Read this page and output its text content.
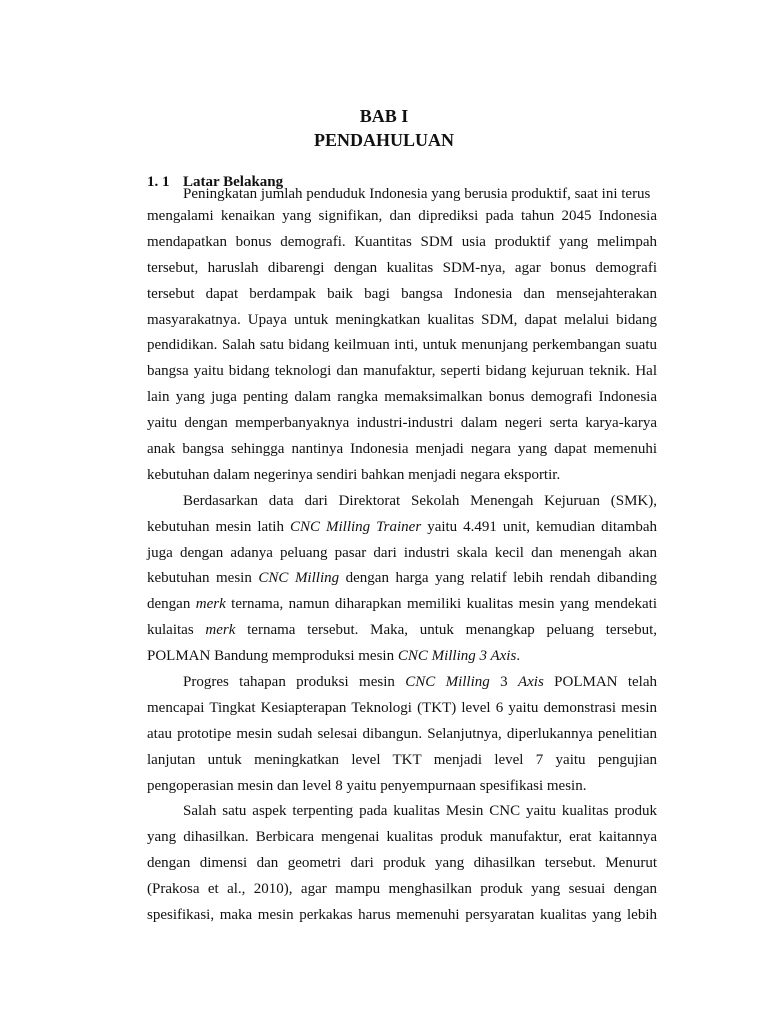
BAB I
PENDAHULUAN
1. 1 Latar Belakang
Peningkatan jumlah penduduk Indonesia yang berusia produktif, saat ini terus
mengalami kenaikan yang signifikan, dan diprediksi pada tahun 2045 Indonesia
mendapatkan bonus demografi. Kuantitas SDM usia produktif yang melimpah
tersebut, haruslah dibarengi dengan kualitas SDM-nya, agar bonus demografi
tersebut dapat berdampak baik bagi bangsa Indonesia dan mensejahterakan
masyarakatnya. Upaya untuk meningkatkan kualitas SDM, dapat melalui bidang
pendidikan. Salah satu bidang keilmuan inti, untuk menunjang perkembangan suatu
bangsa yaitu bidang teknologi dan manufaktur, seperti bidang kejuruan teknik. Hal
lain yang juga penting dalam rangka memaksimalkan bonus demografi Indonesia
yaitu dengan memperbanyaknya industri-industri dalam negeri serta karya-karya
anak bangsa sehingga nantinya Indonesia menjadi negara yang dapat memenuhi
kebutuhan dalam negerinya sendiri bahkan menjadi negara eksportir.
Berdasarkan data dari Direktorat Sekolah Menengah Kejuruan (SMK),
kebutuhan mesin latih CNC Milling Trainer yaitu 4.491 unit, kemudian ditambah
juga dengan adanya peluang pasar dari industri skala kecil dan menengah akan
kebutuhan mesin CNC Milling dengan harga yang relatif lebih rendah dibanding
dengan merk ternama, namun diharapkan memiliki kualitas mesin yang mendekati
kulaitas merk ternama tersebut. Maka, untuk menangkap peluang tersebut,
POLMAN Bandung memproduksi mesin CNC Milling 3 Axis.
Progres tahapan produksi mesin CNC Milling 3 Axis POLMAN telah
mencapai Tingkat Kesiapterapan Teknologi (TKT) level 6 yaitu demonstrasi mesin
atau prototipe mesin sudah selesai dibangun. Selanjutnya, diperlukannya penelitian
lanjutan untuk meningkatkan level TKT menjadi level 7 yaitu pengujian
pengoperasian mesin dan level 8 yaitu penyempurnaan spesifikasi mesin.
Salah satu aspek terpenting pada kualitas Mesin CNC yaitu kualitas produk
yang dihasilkan. Berbicara mengenai kualitas produk manufaktur, erat kaitannya
dengan dimensi dan geometri dari produk yang dihasilkan tersebut. Menurut
(Prakosa et al., 2010), agar mampu menghasilkan produk yang sesuai dengan
spesifikasi, maka mesin perkakas harus memenuhi persyaratan kualitas yang lebih
